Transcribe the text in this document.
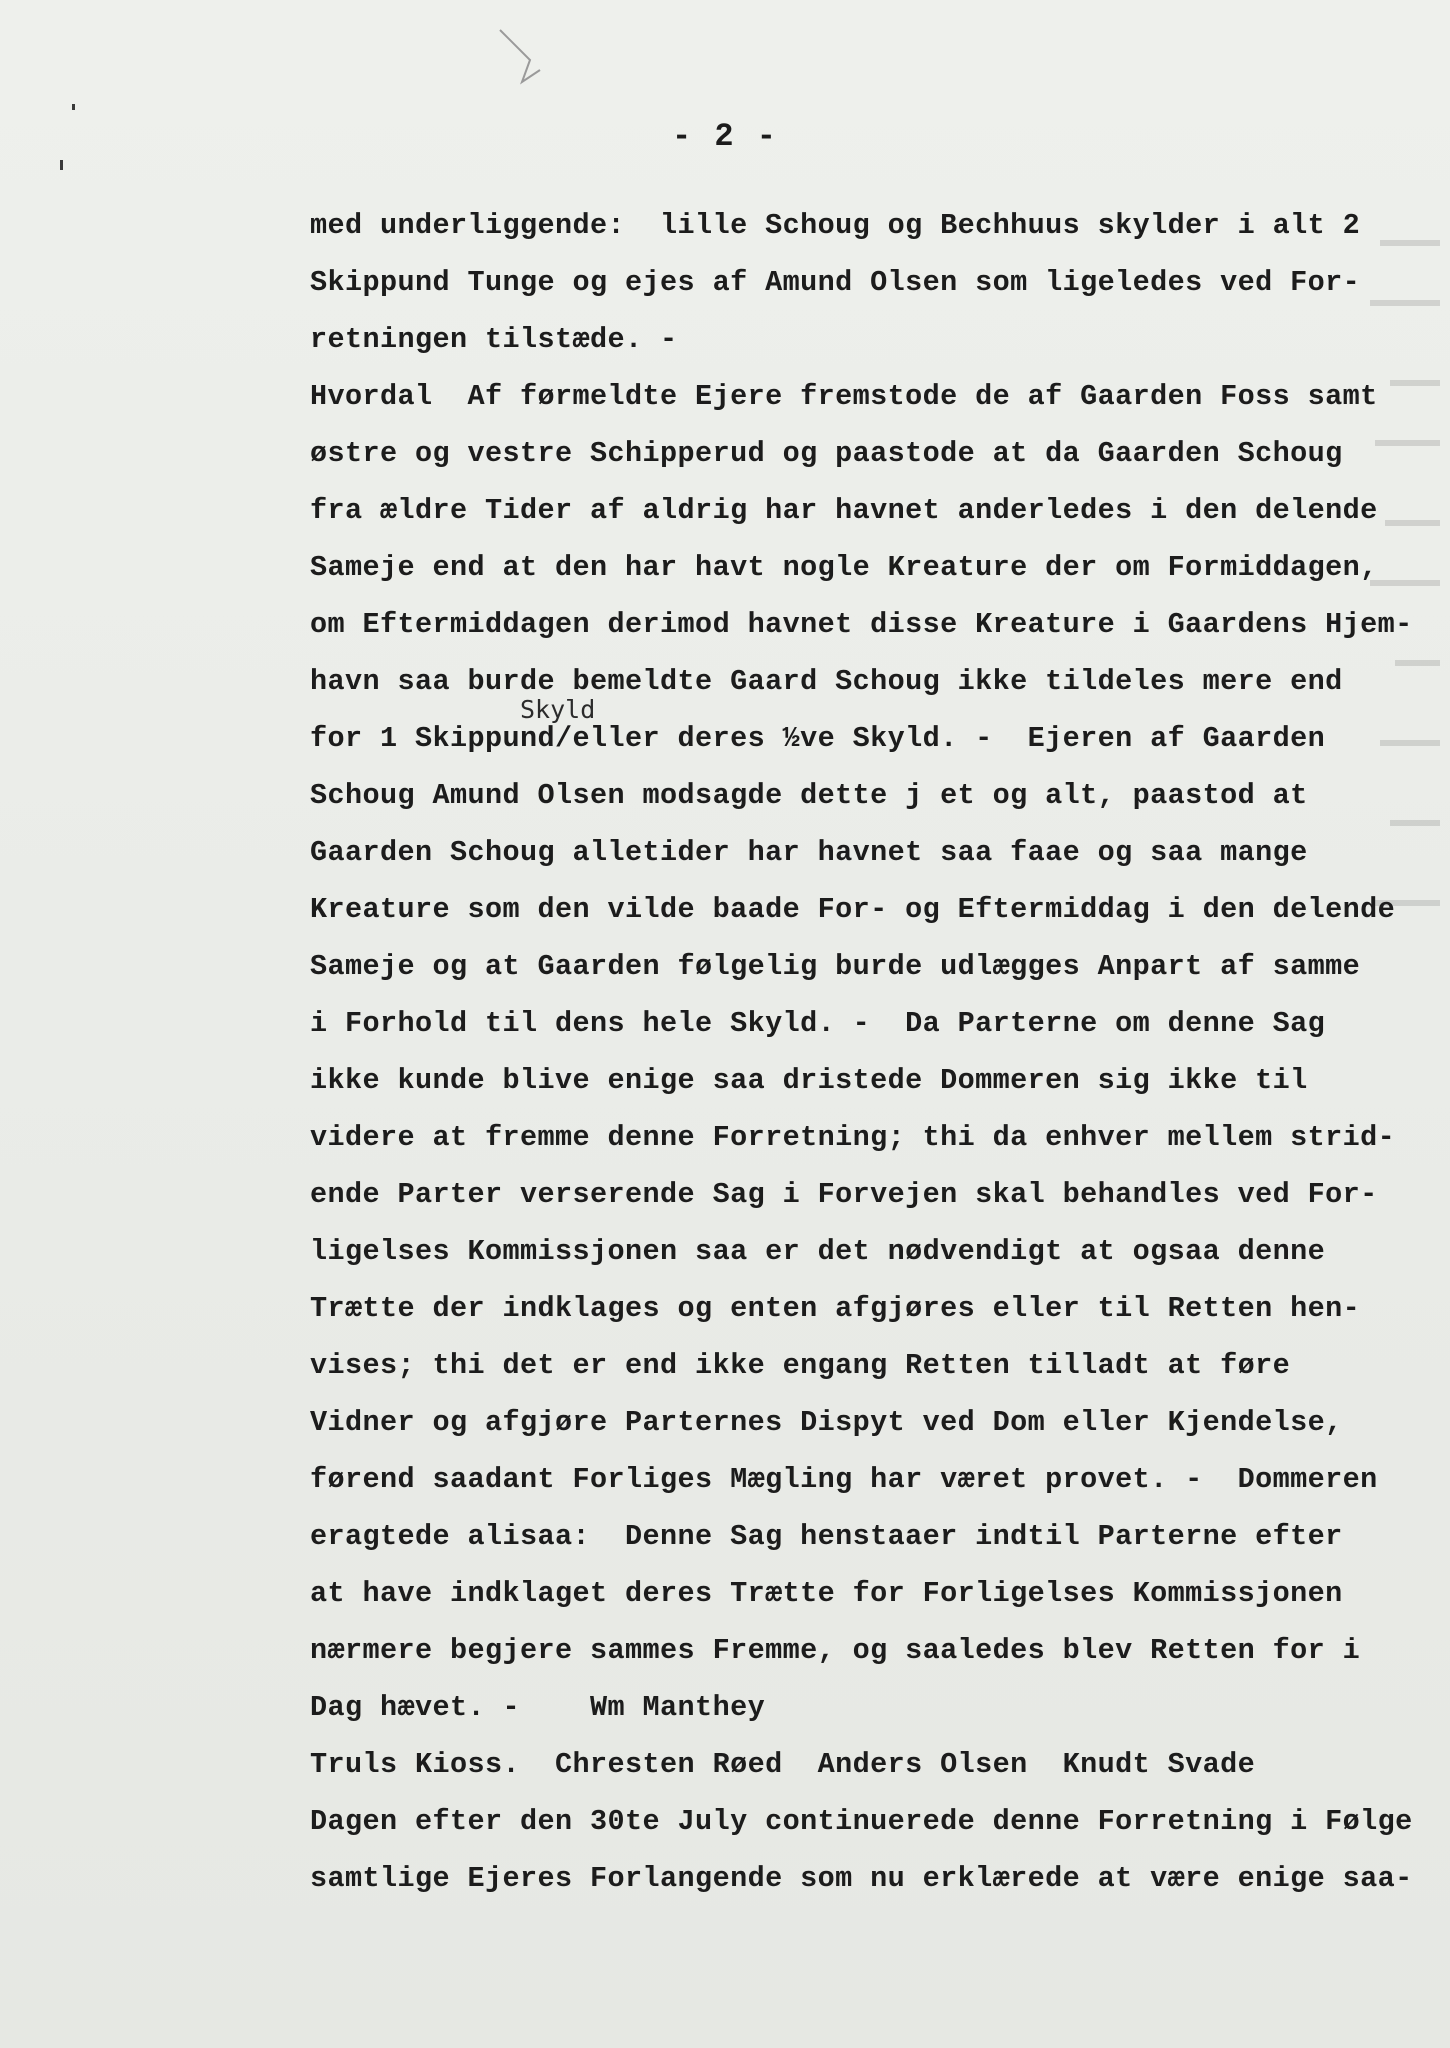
- 2 -
Skyld
med underliggende:  lille Schoug og Bechhuus skylder i alt 2
Skippund Tunge og ejes af Amund Olsen som ligeledes ved For-
retningen tilstæde. -
Hvordal  Af førmeldte Ejere fremstode de af Gaarden Foss samt
østre og vestre Schipperud og paastode at da Gaarden Schoug
fra ældre Tider af aldrig har havnet anderledes i den delende
Sameje end at den har havt nogle Kreature der om Formiddagen,
om Eftermiddagen derimod havnet disse Kreature i Gaardens Hjem-
havn saa burde bemeldte Gaard Schoug ikke tildeles mere end
for 1 Skippund/eller deres ½ve Skyld. -  Ejeren af Gaarden
Schoug Amund Olsen modsagde dette j et og alt, paastod at
Gaarden Schoug alletider har havnet saa faae og saa mange
Kreature som den vilde baade For- og Eftermiddag i den delende
Sameje og at Gaarden følgelig burde udlægges Anpart af samme
i Forhold til dens hele Skyld. -  Da Parterne om denne Sag
ikke kunde blive enige saa dristede Dommeren sig ikke til
videre at fremme denne Forretning; thi da enhver mellem strid-
ende Parter verserende Sag i Forvejen skal behandles ved For-
ligelses Kommissjonen saa er det nødvendigt at ogsaa denne
Trætte der indklages og enten afgjøres eller til Retten hen-
vises; thi det er end ikke engang Retten tilladt at føre
Vidner og afgjøre Parternes Dispyt ved Dom eller Kjendelse,
førend saadant Forliges Mægling har været provet. -  Dommeren
eragtede alisaa:  Denne Sag henstaaer indtil Parterne efter
at have indklaget deres Trætte for Forligelses Kommissjonen
nærmere begjere sammes Fremme, og saaledes blev Retten for i
Dag hævet. -    Wm Manthey
Truls Kioss.  Chresten Røed  Anders Olsen  Knudt Svade
Dagen efter den 30te July continuerede denne Forretning i Følge
samtlige Ejeres Forlangende som nu erklærede at være enige saa-
